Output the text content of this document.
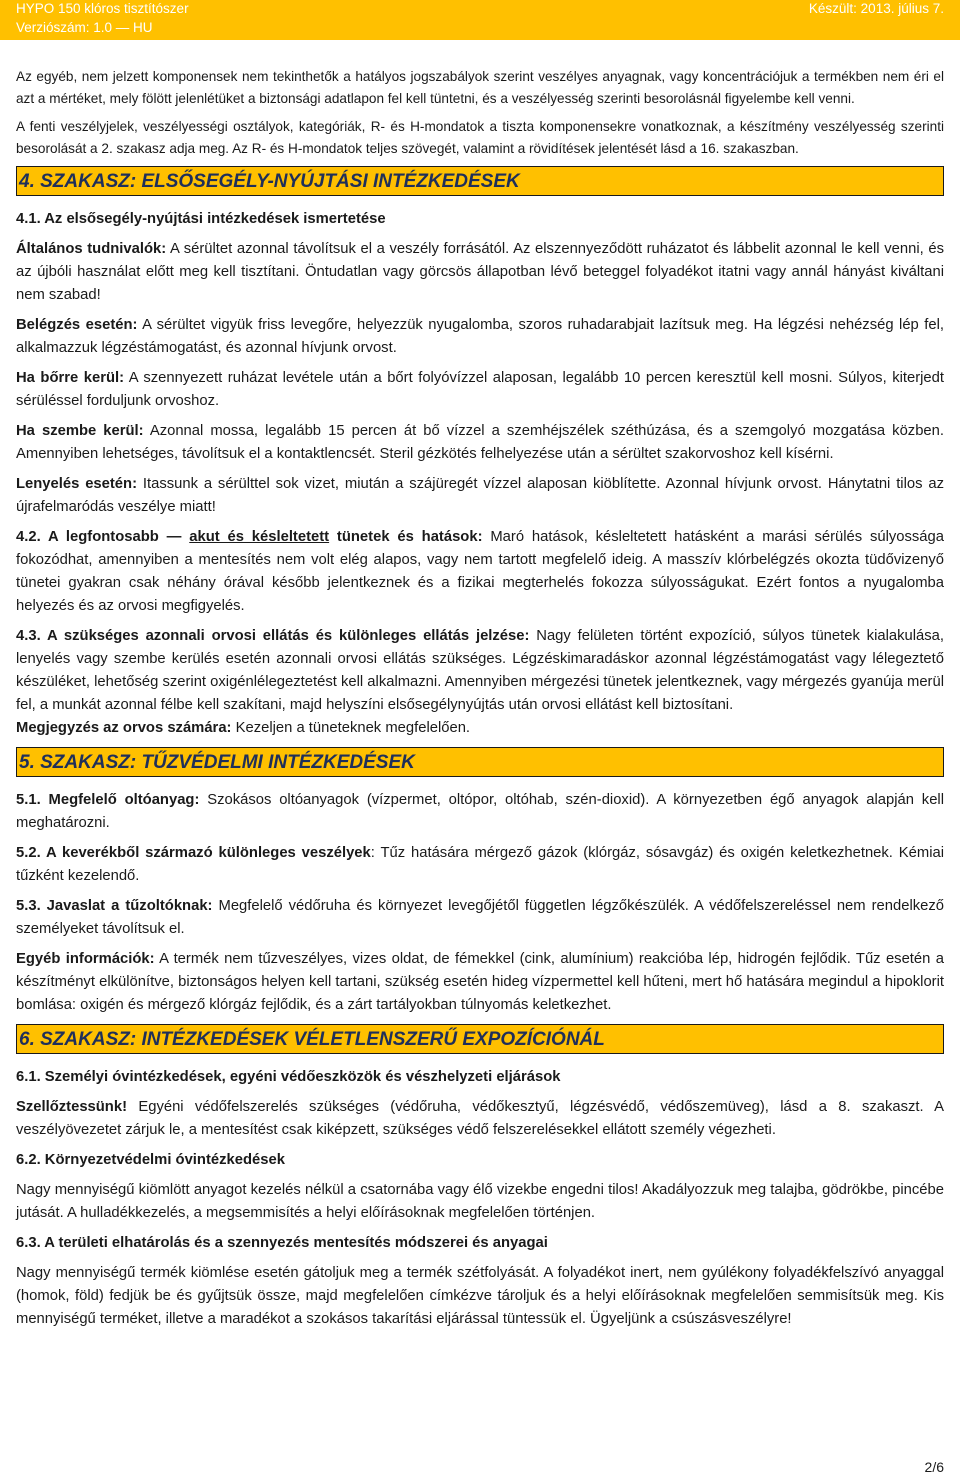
HYPO 150 klóros tisztítószer
Verziószám: 1.0 — HU
Készült: 2013. július 7.

Az egyéb, nem jelzett komponensek nem tekinthetők a hatályos jogszabályok szerint veszélyes anyagnak, vagy koncentrációjuk a termékben nem éri el azt a mértéket, mely fölött jelenlétüket a biztonsági adatlapon fel kell tüntetni, és a veszélyesség szerinti besorolásnál figyelembe kell venni.

A fenti veszélyjelek, veszélyességi osztályok, kategóriák, R- és H-mondatok a tiszta komponensekre vonatkoznak, a készítmény veszélyesség szerinti besorolását a 2. szakasz adja meg. Az R- és H-mondatok teljes szövegét, valamint a rövidítések jelentését lásd a 16. szakaszban.

4. SZAKASZ: ELSŐSEGÉLY-NYÚJTÁSI INTÉZKEDÉSEK

4.1. Az elsősegély-nyújtási intézkedések ismertetése

Általános tudnivalók: A sérültet azonnal távolítsuk el a veszély forrásától. Az elszennyeződött ruházatot és lábbelit azonnal le kell venni, és az újbóli használat előtt meg kell tisztítani. Öntudatlan vagy görcsös állapotban lévő beteggel folyadékot itatni vagy annál hányást kiváltani nem szabad!

Belégzés esetén: A sérültet vigyük friss levegőre, helyezzük nyugalomba, szoros ruhadarabjait lazítsuk meg. Ha légzési nehézség lép fel, alkalmazzuk légzéstámogatást, és azonnal hívjunk orvost.

Ha bőrre kerül: A szennyezett ruházat levétele után a bőrt folyóvízzel alaposan, legalább 10 percen keresztül kell mosni. Súlyos, kiterjedt sérüléssel forduljunk orvoshoz.

Ha szembe kerül: Azonnal mossa, legalább 15 percen át bő vízzel a szemhéjszélek széthúzása, és a szemgolyó mozgatása közben. Amennyiben lehetséges, távolítsuk el a kontaktlencsét. Steril gézkötés felhelyezése után a sérültet szakorvoshoz kell kísérni.

Lenyelés esetén: Itassunk a sérülttel sok vizet, miután a szájüregét vízzel alaposan kiöblítette. Azonnal hívjunk orvost. Hánytatni tilos az újrafelmaródás veszélye miatt!

4.2. A legfontosabb — akut és késleltetett tünetek és hatások: Maró hatások, késleltetett hatásként a marási sérülés súlyossága fokozódhat, amennyiben a mentesítés nem volt elég alapos, vagy nem tartott megfelelő ideig. A masszív klórbelégzés okozta tüdővizenyő tünetei gyakran csak néhány órával később jelentkeznek és a fizikai megterhelés fokozza súlyosságukat. Ezért fontos a nyugalomba helyezés és az orvosi megfigyelés.

4.3. A szükséges azonnali orvosi ellátás és különleges ellátás jelzése: Nagy felületen történt expozíció, súlyos tünetek kialakulása, lenyelés vagy szembe kerülés esetén azonnali orvosi ellátás szükséges. Légzéskimaradáskor azonnal légzéstámogatást vagy lélegeztető készüléket, lehetőség szerint oxigénlélegeztetést kell alkalmazni. Amennyiben mérgezési tünetek jelentkeznek, vagy mérgezés gyanúja merül fel, a munkát azonnal félbe kell szakítani, majd helyszíni elsősegélynyújtás után orvosi ellátást kell biztosítani.

Megjegyzés az orvos számára: Kezeljen a tüneteknek megfelelően.

5. SZAKASZ: TŰZVÉDELMI INTÉZKEDÉSEK

5.1. Megfelelő oltóanyag: Szokásos oltóanyagok (vízpermet, oltópor, oltóhab, szén-dioxid). A környezetben égő anyagok alapján kell meghatározni.

5.2. A keverékből származó különleges veszélyek: Tűz hatására mérgező gázok (klórgáz, sósavgáz) és oxigén keletkezhetnek. Kémiai tűzként kezelendő.

5.3. Javaslat a tűzoltóknak: Megfelelő védőruha és környezet levegőjétől független légzőkészülék. A védőfelszereléssel nem rendelkező személyeket távolítsuk el.

Egyéb információk: A termék nem tűzveszélyes, vizes oldat, de fémekkel (cink, alumínium) reakcióba lép, hidrogén fejlődik. Tűz esetén a készítményt elkülönítve, biztonságos helyen kell tartani, szükség esetén hideg vízpermettel kell hűteni, mert hő hatására megindul a hipoklorit bomlása: oxigén és mérgező klórgáz fejlődik, és a zárt tartályokban túlnyomás keletkezhet.

6. SZAKASZ: INTÉZKEDÉSEK VÉLETLENSZERŰ EXPOZÍCIÓNÁL

6.1. Személyi óvintézkedések, egyéni védőeszközök és vészhelyzeti eljárások

Szellőztessünk! Egyéni védőfelszerelés szükséges (védőruha, védőkesztyű, légzésvédő, védőszemüveg), lásd a 8. szakaszt. A veszélyövezetet zárjuk le, a mentesítést csak kiképzett, szükséges védő felszerelésekkel ellátott személy végezheti.

6.2. Környezetvédelmi óvintézkedések

Nagy mennyiségű kiömlött anyagot kezelés nélkül a csatornába vagy élő vizekbe engedni tilos! Akadályozzuk meg talajba, gödrökbe, pincébe jutását. A hulladékkezelés, a megsemmisítés a helyi előírásoknak megfelelően történjen.

6.3. A területi elhatárolás és a szennyezés mentesítés módszerei és anyagai

Nagy mennyiségű termék kiömlése esetén gátoljuk meg a termék szétfolyását. A folyadékot inert, nem gyúlékony folyadékfelszívó anyaggal (homok, föld) fedjük be és gyűjtsük össze, majd megfelelően címkézve tároljuk és a helyi előírásoknak megfelelően semmisítsük meg. Kis mennyiségű terméket, illetve a maradékot a szokásos takarítási eljárással tüntessük el. Ügyeljünk a csúszásveszélyre!

2/6
